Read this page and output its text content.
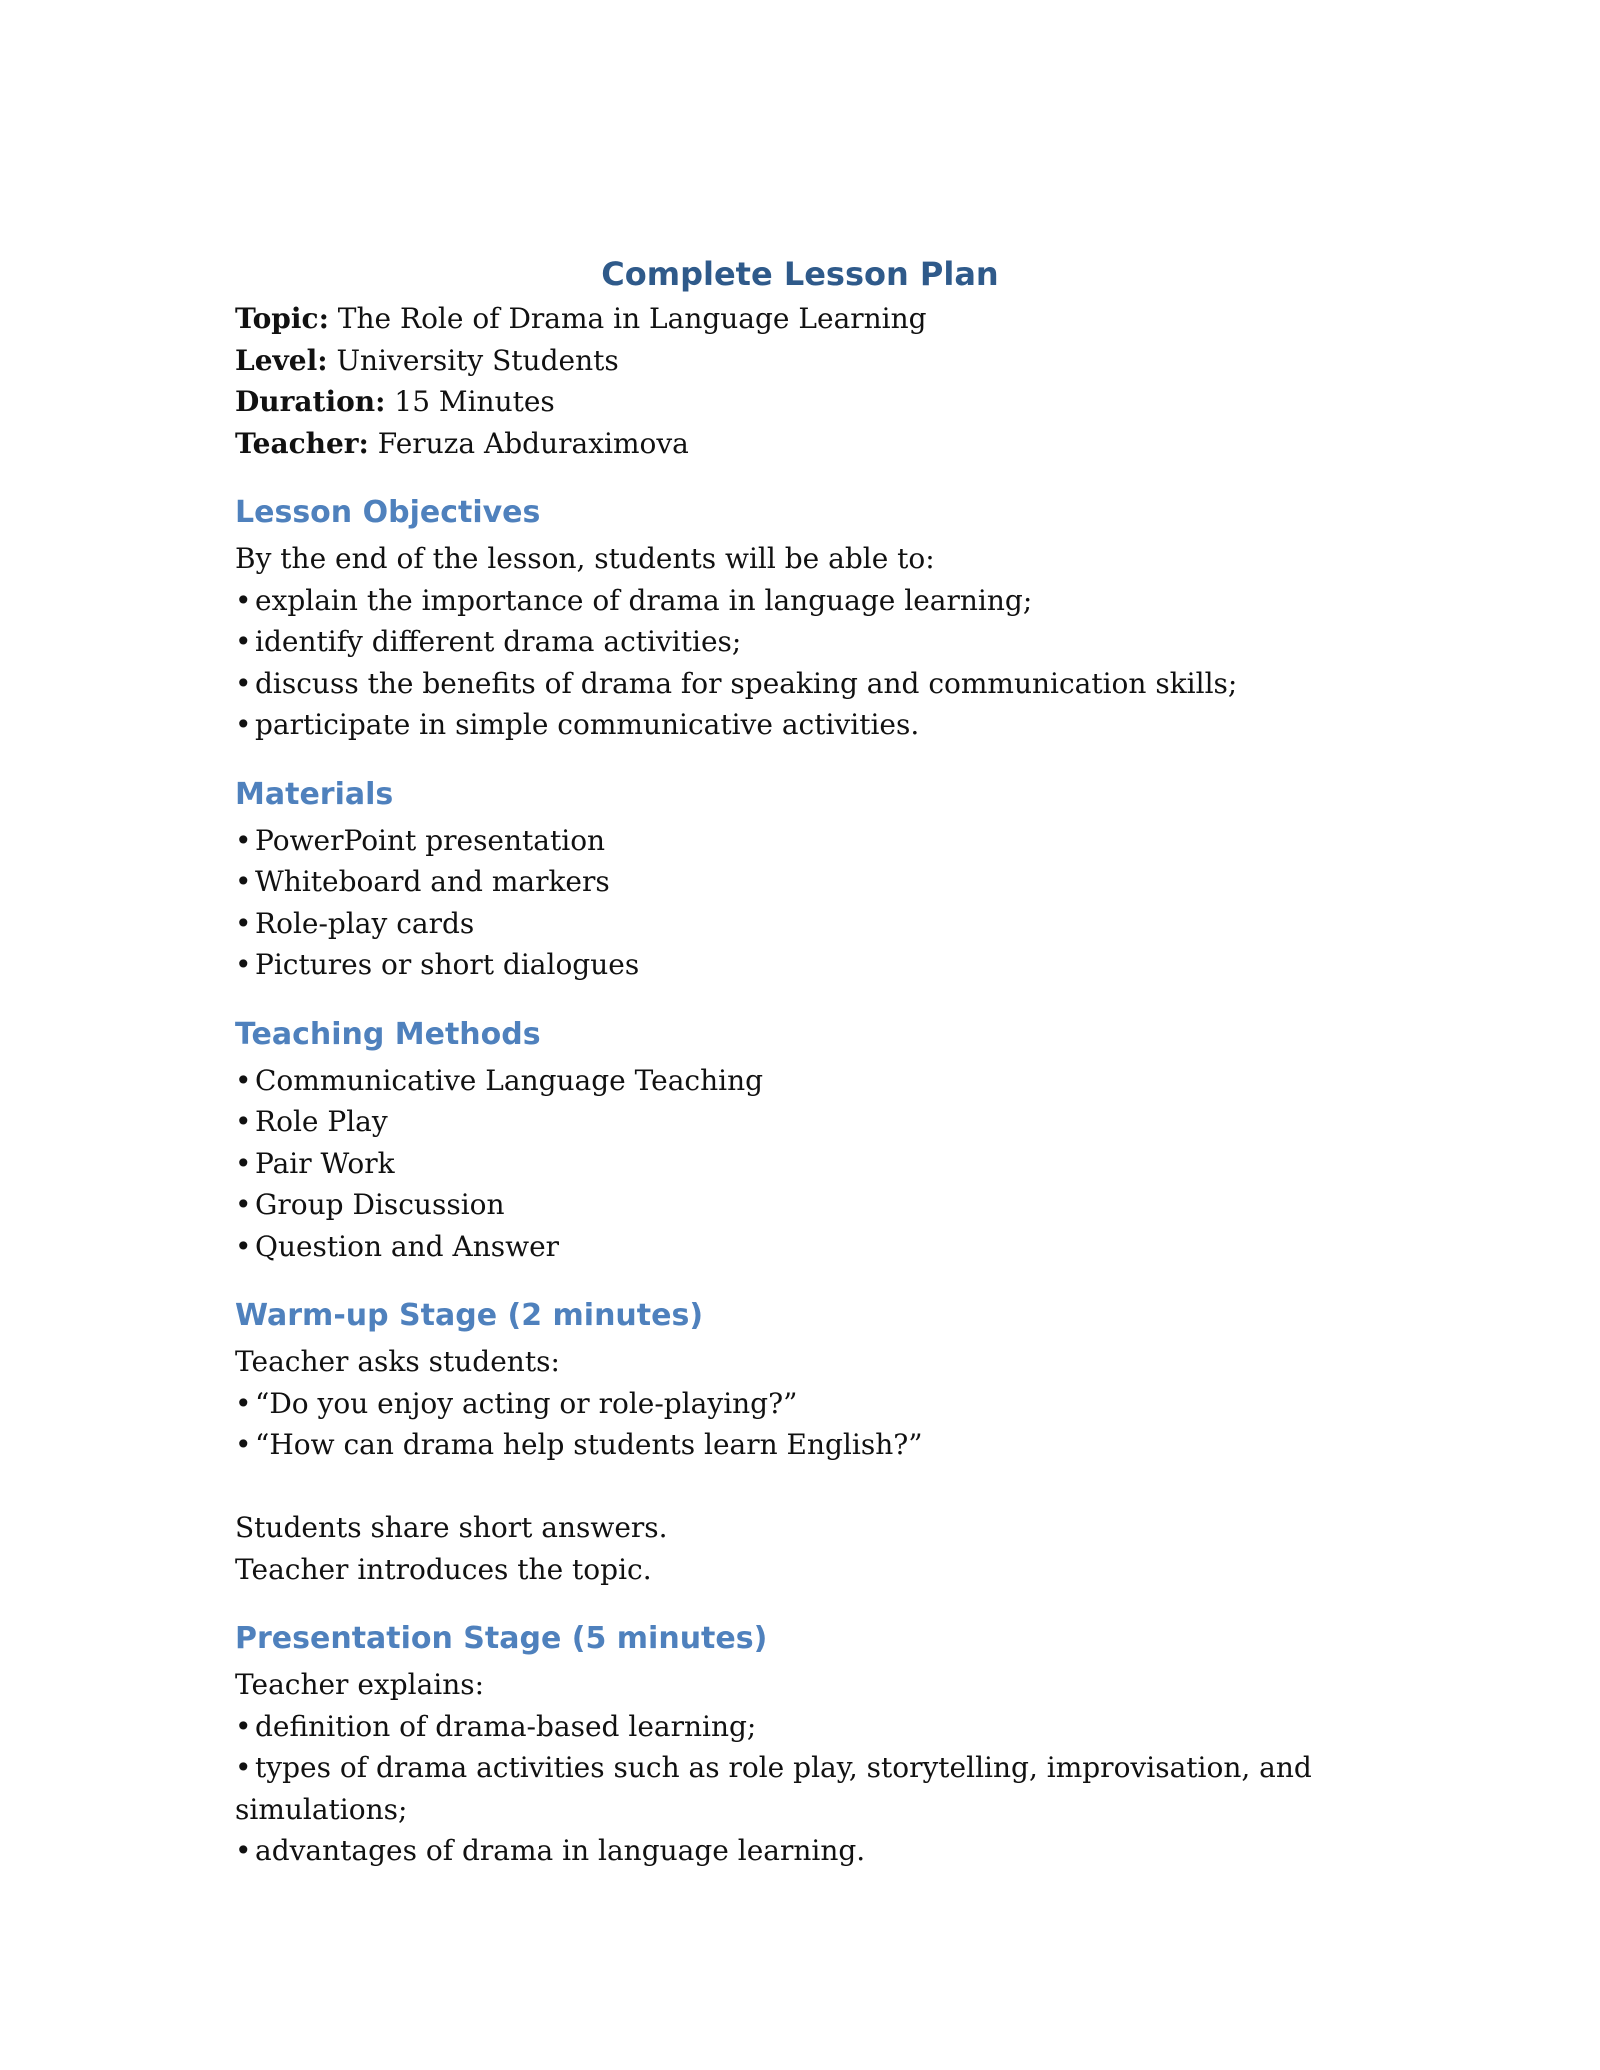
Complete Lesson Plan

Topic: The Role of Drama in Language Learning

Level: University Students

Duration: 15 Minutes

Teacher: Feruza Abduraximova

Lesson Objectives

By the end of the lesson, students will be able to:

• explain the importance of drama in language learning;
• identify different drama activities;
• discuss the benefits of drama for speaking and communication skills;
• participate in simple communicative activities.
Materials
• PowerPoint presentation
• Whiteboard and markers
• Role-play cards
• Pictures or short dialogues
Teaching Methods
• Communicative Language Teaching
• Role Play
• Pair Work
• Group Discussion
• Question and Answer
Warm-up Stage (2 minutes)

Teacher asks students:

• “Do you enjoy acting or role-playing?”
• “How can drama help students learn English?”

Students share short answers.

Teacher introduces the topic.

Presentation Stage (5 minutes)

Teacher explains:

• definition of drama-based learning;
• types of drama activities such as role play, storytelling, improvisation, and
simulations;
• advantages of drama in language learning.
